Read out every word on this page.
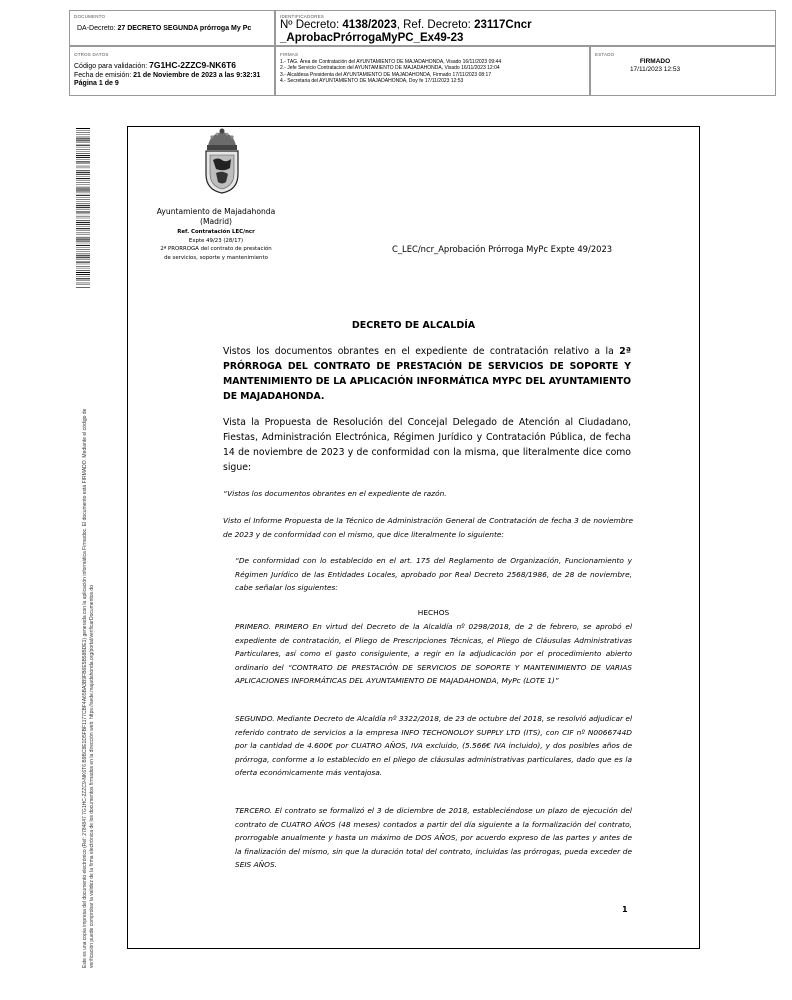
DOCUMENTO
DA-Decreto: 27 DECRETO SEGUNDA prórroga My Pc
IDENTIFICADORES
Nº Decreto: 4138/2023, Ref. Decreto: 23117Cncr
_AprobacPrórrogaMyPC_Ex49-23
OTROS DATOS
Código para validación: 7G1HC-2ZZC9-NK6T6
Fecha de emisión: 21 de Noviembre de 2023 a las 9:32:31
Página 1 de 9
FIRMAS
1.- TAG. Área de Contratación del AYUNTAMIENTO DE MAJADAHONDA, Visado 16/11/2023 09:44
2.- Jefe Servicio Contratacion del AYUNTAMIENTO DE MAJADAHONDA, Visado 16/11/2023 12:04
3.- Alcaldesa Presidenta del AYUNTAMIENTO DE MAJADAHONDA, Firmado 17/11/2023 08:17
4.- Secretaria del AYUNTAMIENTO DE MAJADAHONDA, Doy fe 17/11/2023 12:53
ESTADO
FIRMADO
17/11/2023 12:53
Este es una copia impresa del documento electrónico (Ref: 2784847 7G1HC-2ZZC9-NK6T6 B9BC8E1D5FBF1177CBF4A65BA3B9FB6E5B58BDE1) generada con la aplicación informática Firmadoc. El documento está FIRMADO. Mediante el código de verificación puede comprobar la validez de la firma electrónica de los documentos firmados en la dirección web: https://sede.majadahonda.org/portal/verificarDocumentos.do
Ayuntamiento de Majadahonda
(Madrid)
Ref. Contratación LEC/ncr
Expte 49/23 (28/17)
2ª PRORROGA del contrato de prestación
de servicios, soporte y mantenimiento
C_LEC/ncr_Aprobación Prórroga MyPc Expte 49/2023
DECRETO DE ALCALDÍA
Vistos los documentos obrantes en el expediente de contratación relativo a la 2ª PRÓRROGA DEL CONTRATO DE PRESTACIÓN DE SERVICIOS DE SOPORTE Y MANTENIMIENTO DE LA APLICACIÓN INFORMÁTICA MYPC DEL AYUNTAMIENTO DE MAJADAHONDA.
Vista la Propuesta de Resolución del Concejal Delegado de Atención al Ciudadano, Fiestas, Administración Electrónica, Régimen Jurídico y Contratación Pública, de fecha 14 de noviembre de 2023 y de conformidad con la misma, que literalmente dice como sigue:
“Vistos los documentos obrantes en el expediente de razón.
Visto el Informe Propuesta de la Técnico de Administración General de Contratación de fecha 3 de noviembre de 2023 y de conformidad con el mismo, que dice literalmente lo siguiente:
“De conformidad con lo establecido en el art. 175 del Reglamento de Organización, Funcionamiento y Régimen Jurídico de las Entidades Locales, aprobado por Real Decreto 2568/1986, de 28 de noviembre, cabe señalar los siguientes:
HECHOS
PRIMERO. PRIMERO En virtud del Decreto de la Alcaldía nº 0298/2018, de 2 de febrero, se aprobó el expediente de contratación, el Pliego de Prescripciones Técnicas, el Pliego de Cláusulas Administrativas Particulares, así como el gasto consiguiente, a regir en la adjudicación por el procedimiento abierto ordinario del “CONTRATO DE PRESTACIÓN DE SERVICIOS DE SOPORTE Y MANTENIMIENTO DE VARIAS APLICACIONES INFORMÁTICAS DEL AYUNTAMIENTO DE MAJADAHONDA, MyPc (LOTE 1)”
SEGUNDO. Mediante Decreto de Alcaldía nº 3322/2018, de 23 de octubre del 2018, se resolvió adjudicar el referido contrato de servicios a la empresa INFO TECHONOLOY SUPPLY LTD (ITS), con CIF nº N0066744D por la cantidad de 4.600€ por CUATRO AÑOS, IVA excluido, (5.566€ IVA incluido), y dos posibles años de prórroga, conforme a lo establecido en el pliego de cláusulas administrativas particulares, dado que es la oferta económicamente más ventajosa.
TERCERO. El contrato se formalizó el 3 de diciembre de 2018, estableciéndose un plazo de ejecución del contrato de CUATRO AÑOS (48 meses) contados a partir del día siguiente a la formalización del contrato, prorrogable anualmente y hasta un máximo de DOS AÑOS, por acuerdo expreso de las partes y antes de la finalización del mismo, sin que la duración total del contrato, incluidas las prórrogas, pueda exceder de SEIS AÑOS.
1
